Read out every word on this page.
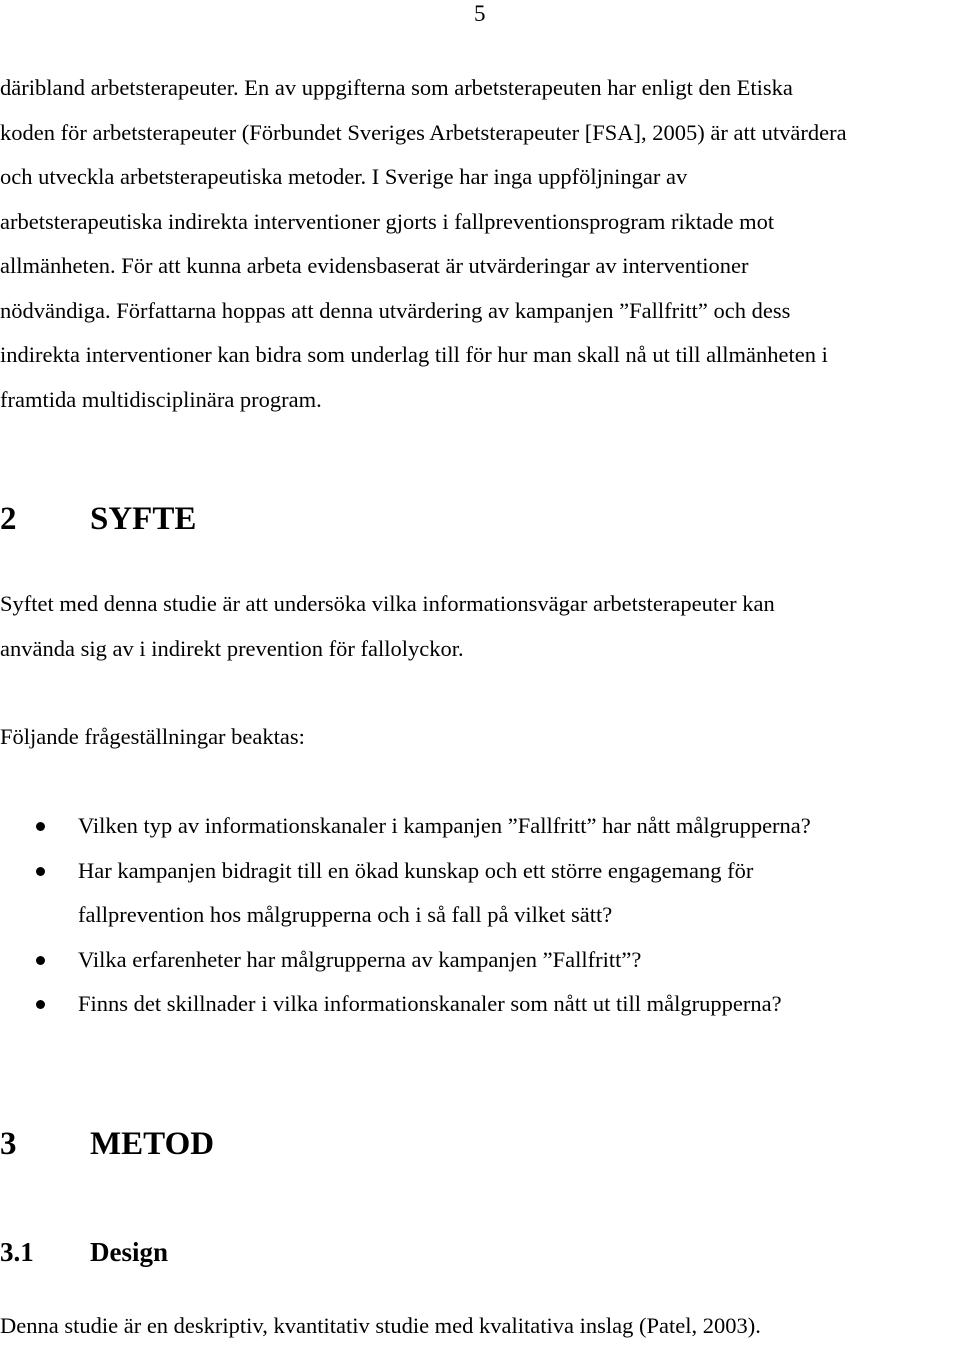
5
däribland arbetsterapeuter. En av uppgifterna som arbetsterapeuten har enligt den Etiska
koden för arbetsterapeuter (Förbundet Sveriges Arbetsterapeuter [FSA], 2005) är att utvärdera
och utveckla arbetsterapeutiska metoder. I Sverige har inga uppföljningar av
arbetsterapeutiska indirekta interventioner gjorts i fallpreventionsprogram riktade mot
allmänheten. För att kunna arbeta evidensbaserat är utvärderingar av interventioner
nödvändiga. Författarna hoppas att denna utvärdering av kampanjen ”Fallfritt” och dess
indirekta interventioner kan bidra som underlag till för hur man skall nå ut till allmänheten i
framtida multidisciplinära program.
2 SYFTE
Syftet med denna studie är att undersöka vilka informationsvägar arbetsterapeuter kan
använda sig av i indirekt prevention för fallolyckor.
Följande frågeställningar beaktas:
Vilken typ av informationskanaler i kampanjen ”Fallfritt” har nått målgrupperna?
Har kampanjen bidragit till en ökad kunskap och ett större engagemang för
fallprevention hos målgrupperna och i så fall på vilket sätt?
Vilka erfarenheter har målgrupperna av kampanjen ”Fallfritt”?
Finns det skillnader i vilka informationskanaler som nått ut till målgrupperna?
3 METOD
3.1 Design
Denna studie är en deskriptiv, kvantitativ studie med kvalitativa inslag (Patel, 2003).
